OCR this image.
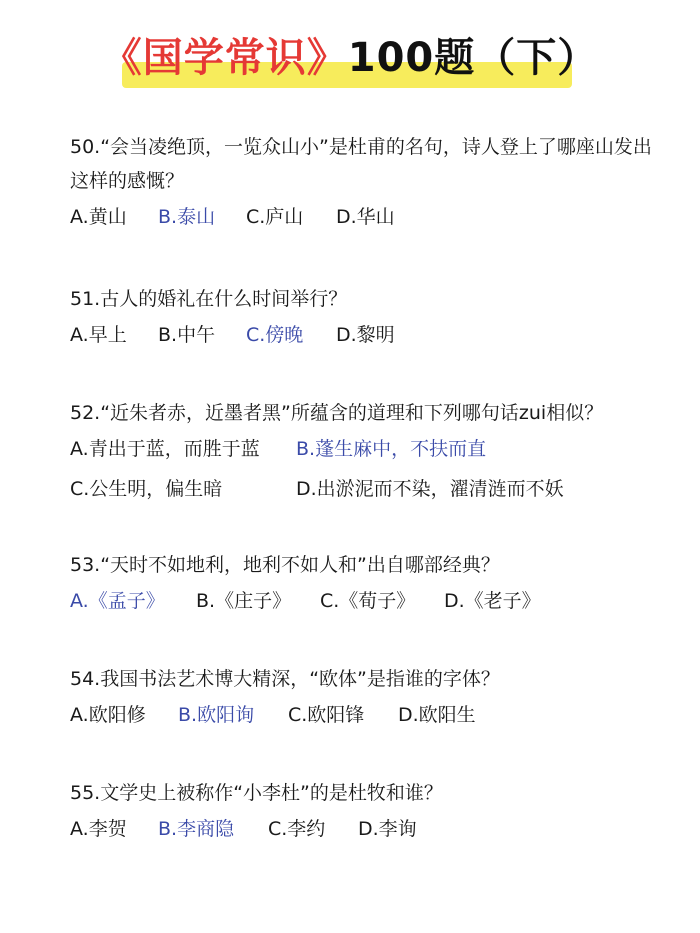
《国学常识》100题（下）

50.“会当凌绝顶，一览众山小”是杜甫的名句，诗人登上了哪座山发出这样的感慨？

A.黄山 B.泰山 C.庐山 D.华山

51.古人的婚礼在什么时间举行？

A.早上 B.中午 C.傍晚 D.黎明

52.“近朱者赤，近墨者黑”所蕴含的道理和下列哪句话zui相似？

A.青出于蓝，而胜于蓝 B.蓬生麻中，不扶而直
C.公生明，偏生暗	D.出淤泥而不染，濯清涟而不妖

53.“天时不如地利，地利不如人和”出自哪部经典？

A.《孟子》 B.《庄子》 C.《荀子》 D.《老子》

54.我国书法艺术博大精深，“欧体”是指谁的字体？

A.欧阳修 B.欧阳询 C.欧阳锋 D.欧阳生

55.文学史上被称作“小李杜”的是杜牧和谁？

A.李贺 B.李商隐 C.李约 D.李询
